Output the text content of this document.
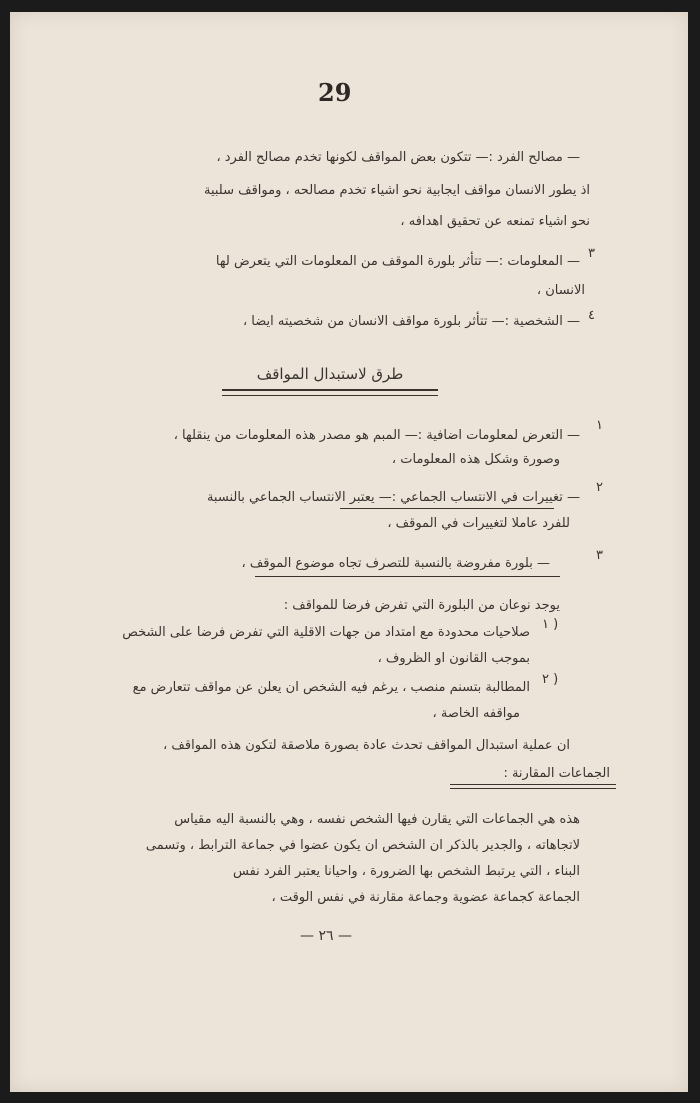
29
— مصالح الفرد :— تتكون بعض المواقف لكونها تخدم مصالح الفرد ،
اذ يطور الانسان مواقف ايجابية نحو اشياء تخدم مصالحه ، ومواقف سلبية
نحو اشياء تمنعه عن تحقيق اهدافه ،
٣
— المعلومات :— تتأثر بلورة الموقف من المعلومات التي يتعرض لها
الانسان ،
٤
— الشخصية :— تتأثر بلورة مواقف الانسان من شخصيته ايضا ،
طرق لاستبدال المواقف
١
— التعرض لمعلومات اضافية :— المبم هو مصدر هذه المعلومات من ينقلها ،
وصورة وشكل هذه المعلومات ،
٢
— تغييرات في الانتساب الجماعي :— يعتبر الانتساب الجماعي بالنسبة
للفرد عاملا لتغييرات في الموقف ،
٣
— بلورة مفروضة بالنسبة للتصرف تجاه موضوع الموقف ،
يوجد نوعان من البلورة التي تفرض فرضا للمواقف :
١ )
صلاحيات محدودة مع امتداد من جهات الاقلية التي تفرض فرضا على الشخص
بموجب القانون او الظروف ،
٢ )
المطالبة بتسنم منصب ، يرغم فيه الشخص ان يعلن عن مواقف تتعارض مع
مواقفه الخاصة ،
ان عملية استبدال المواقف تحدث عادة بصورة ملاصقة لتكون هذه المواقف ،
الجماعات المقارنة :
هذه هي الجماعات التي يقارن فيها الشخص نفسه ، وهي بالنسبة اليه مقياس
لاتجاهاته ، والجدير بالذكر ان الشخص ان يكون عضوا في جماعة الترابط ، وتسمى
البناء ، التي يرتبط الشخص بها الضرورة ، واحيانا يعتبر الفرد نفس
الجماعة كجماعة عضوية وجماعة مقارنة في نفس الوقت ،
— ٢٦ —
